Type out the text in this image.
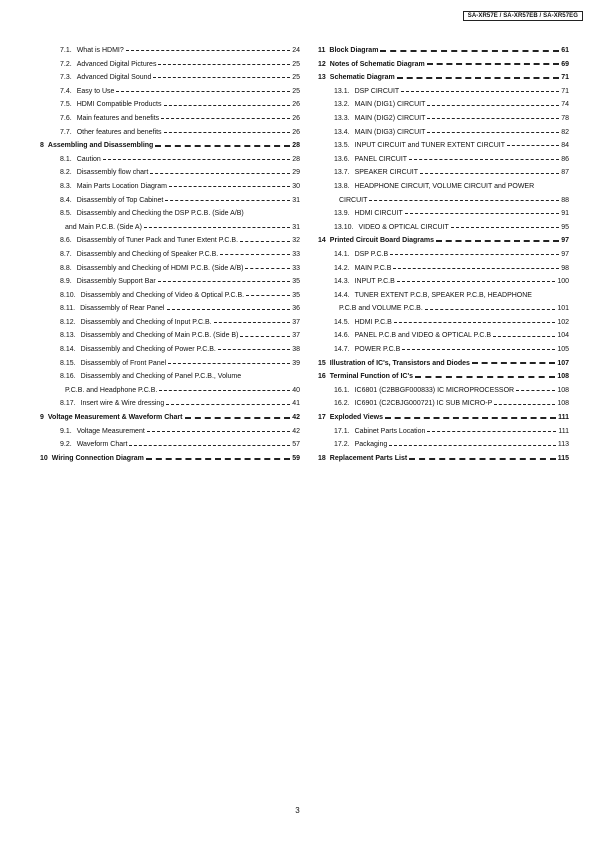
SA-XR57E / SA-XR57EB / SA-XR57EG
7.1. What is HDMI?	24
7.2. Advanced Digital Pictures	25
7.3. Advanced Digital Sound	25
7.4. Easy to Use	25
7.5. HDMI Compatible Products	26
7.6. Main features and benefits	26
7.7. Other features and benefits	26
8 Assembling and Disassembling	28
8.1. Caution	28
8.2. Disassembly flow chart	29
8.3. Main Parts Location Diagram	30
8.4. Disassembly of Top Cabinet	31
8.5. Disassembly and Checking the DSP P.C.B. (Side A/B)
and Main P.C.B. (Side A)	31
8.6. Disassembly of Tuner Pack and Tuner Extent P.C.B.	32
8.7. Disassembly and Checking of Speaker P.C.B.	33
8.8. Disassembly and Checking of HDMI P.C.B. (Side A/B)	33
8.9. Disassembly Support Bar	35
8.10. Disassembly and Checking of Video & Optical P.C.B.	35
8.11. Disassembly of Rear Panel	36
8.12. Disassembly and Checking of Input P.C.B.	37
8.13. Disassembly and Checking of Main P.C.B. (Side B)	37
8.14. Disassembly and Checking of Power P.C.B.	38
8.15. Disassembly of Front Panel	39
8.16. Disassembly and Checking of Panel P.C.B., Volume
P.C.B. and Headphone P.C.B.	40
8.17. Insert wire & Wire dressing	41
9 Voltage Measurement & Waveform Chart	42
9.1. Voltage Measurement	42
9.2. Waveform Chart	57
10 Wiring Connection Diagram	59
11 Block Diagram	61
12 Notes of Schematic Diagram	69
13 Schematic Diagram	71
13.1. DSP CIRCUIT	71
13.2. MAIN (DIG1) CIRCUIT	74
13.3. MAIN (DIG2) CIRCUIT	78
13.4. MAIN (DIG3) CIRCUIT	82
13.5. INPUT CIRCUIT and TUNER EXTENT CIRCUIT	84
13.6. PANEL CIRCUIT	86
13.7. SPEAKER CIRCUIT	87
13.8. HEADPHONE CIRCUIT, VOLUME CIRCUIT and POWER
CIRCUIT	88
13.9. HDMI CIRCUIT	91
13.10. VIDEO & OPTICAL CIRCUIT	95
14 Printed Circuit Board Diagrams	97
14.1. DSP P.C.B	97
14.2. MAIN P.C.B	98
14.3. INPUT P.C.B	100
14.4. TUNER EXTENT P.C.B, SPEAKER P.C.B, HEADPHONE
P.C.B and VOLUME P.C.B.	101
14.5. HDMI P.C.B	102
14.6. PANEL P.C.B and VIDEO & OPTICAL P.C.B	104
14.7. POWER P.C.B	105
15 Illustration of IC's, Transistors and Diodes	107
16 Terminal Function of IC's	108
16.1. IC6801 (C2BBGF000833) IC MICROPROCESSOR	108
16.2. IC6901 (C2CBJG000721) IC SUB MICRO-P	108
17 Exploded Views	111
17.1. Cabinet Parts Location	111
17.2. Packaging	113
18 Replacement Parts List	115
3
